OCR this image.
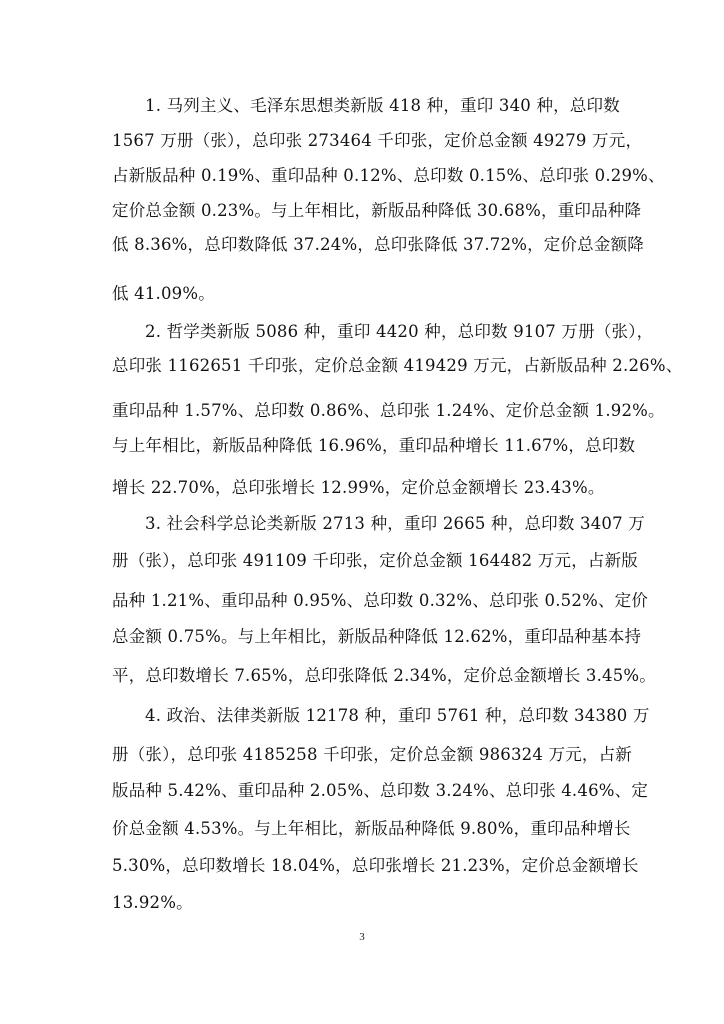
1. 马列主义、毛泽东思想类新版 418 种，重印 340 种，总印数
1567 万册（张），总印张 273464 千印张，定价总金额 49279 万元，
占新版品种 0.19%、重印品种 0.12%、总印数 0.15%、总印张 0.29%、
定价总金额 0.23%。与上年相比，新版品种降低 30.68%，重印品种降
低 8.36%，总印数降低 37.24%，总印张降低 37.72%，定价总金额降
低 41.09%。
2. 哲学类新版 5086 种，重印 4420 种，总印数 9107 万册（张），
总印张 1162651 千印张，定价总金额 419429 万元，占新版品种 2.26%、
重印品种 1.57%、总印数 0.86%、总印张 1.24%、定价总金额 1.92%。
与上年相比，新版品种降低 16.96%，重印品种增长 11.67%，总印数
增长 22.70%，总印张增长 12.99%，定价总金额增长 23.43%。
3. 社会科学总论类新版 2713 种，重印 2665 种，总印数 3407 万
册（张），总印张 491109 千印张，定价总金额 164482 万元，占新版
品种 1.21%、重印品种 0.95%、总印数 0.32%、总印张 0.52%、定价
总金额 0.75%。与上年相比，新版品种降低 12.62%，重印品种基本持
平，总印数增长 7.65%，总印张降低 2.34%，定价总金额增长 3.45%。
4. 政治、法律类新版 12178 种，重印 5761 种，总印数 34380 万
册（张），总印张 4185258 千印张，定价总金额 986324 万元，占新
版品种 5.42%、重印品种 2.05%、总印数 3.24%、总印张 4.46%、定
价总金额 4.53%。与上年相比，新版品种降低 9.80%，重印品种增长
5.30%，总印数增长 18.04%，总印张增长 21.23%，定价总金额增长
13.92%。
3
